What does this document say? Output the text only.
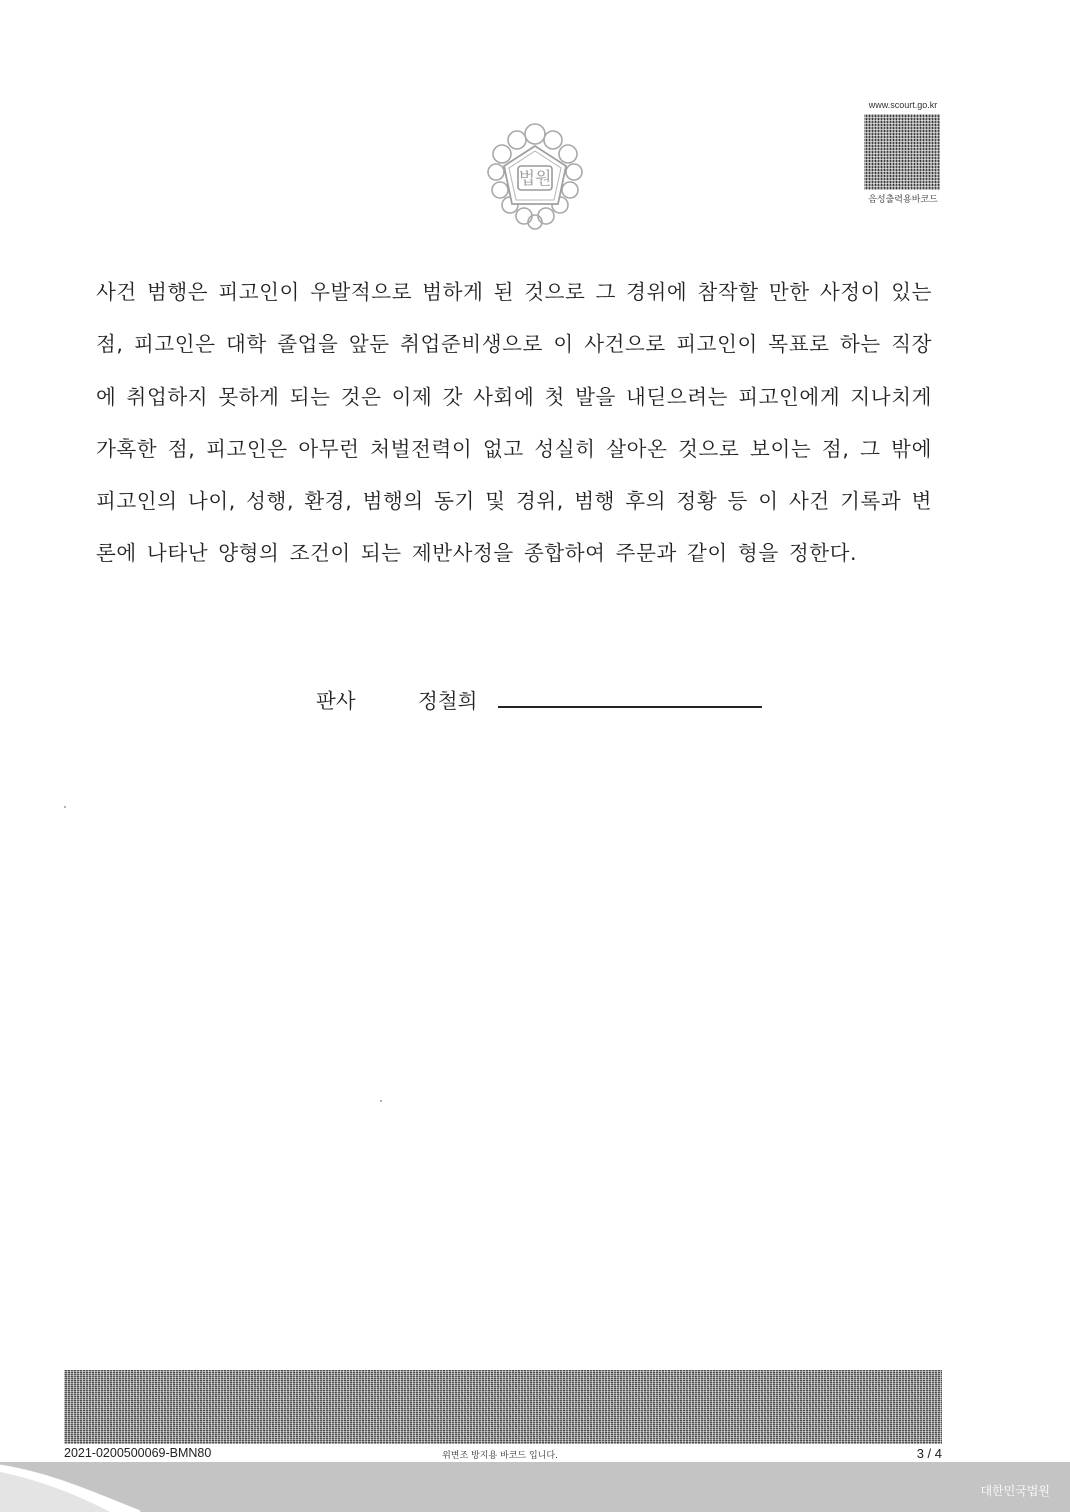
법원
www.scourt.go.kr
음성출력용바코드

사건 범행은 피고인이 우발적으로 범하게 된 것으로 그 경위에 참작할 만한 사정이 있는 점, 피고인은 대학 졸업을 앞둔 취업준비생으로 이 사건으로 피고인이 목표로 하는 직장에 취업하지 못하게 되는 것은 이제 갓 사회에 첫 발을 내딛으려는 피고인에게 지나치게 가혹한 점, 피고인은 아무런 처벌전력이 없고 성실히 살아온 것으로 보이는 점, 그 밖에 피고인의 나이, 성행, 환경, 범행의 동기 및 경위, 범행 후의 정황 등 이 사건 기록과 변론에 나타난 양형의 조건이 되는 제반사정을 종합하여 주문과 같이 형을 정한다.

판사	정철희
2021-0200500069-BMN80	위변조 방지용 바코드 입니다.	3 / 4
대한민국법원
